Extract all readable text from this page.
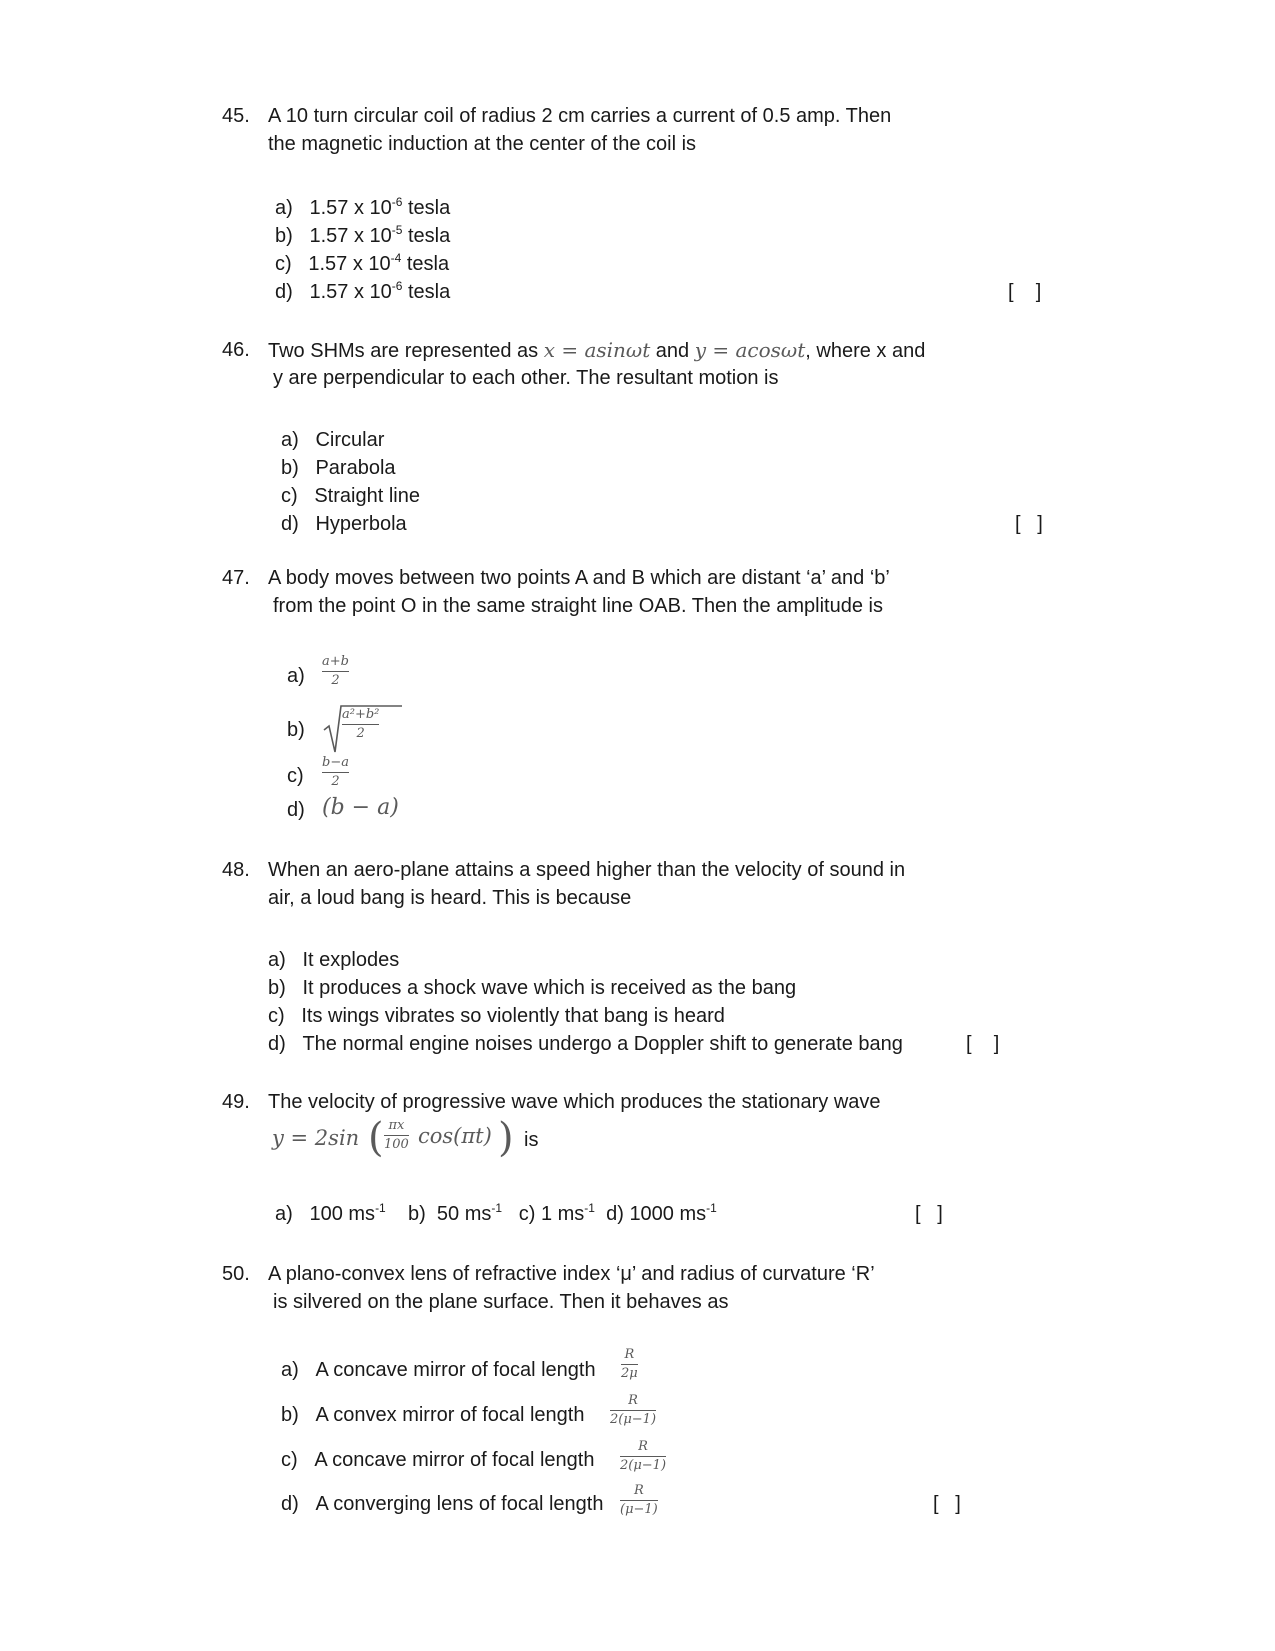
45. A 10 turn circular coil of radius 2 cm carries a current of 0.5 amp. Then
the magnetic induction at the center of the coil is
a) 1.57 x $10^{-6}$ tesla
b) 1.57 x $10^{-5}$ tesla
c) 1.57 x $10^{-4}$ tesla
d) 1.57 x $10^{-6}$ tesla	[    ]
46. Two SHMs are represented as x = asinωt and y = acosωt, where x and
y are perpendicular to each other. The resultant motion is
a) Circular
b) Parabola
c) Straight line
d) Hyperbola	[   ]
47. A body moves between two points A and B which are distant ‘a’ and ‘b’
from the point O in the same straight line OAB. Then the amplitude is
a)
a+b
2
b)
a²+b²
2
c)
b−a
2
d) (b − a)
48. When an aero-plane attains a speed higher than the velocity of sound in
air, a loud bang is heard. This is because
a) It explodes
b) It produces a shock wave which is received as the bang
c) Its wings vibrates so violently that bang is heard
d) The normal engine noises undergo a Doppler shift to generate bang	[    ]
49. The velocity of progressive wave which produces the stationary wave
y = 2sin ( πx
100 cos(πt) ) is
a) 100 $ms^{-1}$ b) 50 $ms^{-1}$ c) 1 $ms^{-1}$ d) 1000 $ms^{-1}$	[   ]
50. A plano-convex lens of refractive index ‘μ’ and radius of curvature ‘R’
is silvered on the plane surface. Then it behaves as
a) A concave mirror of focal length
R
2μ
b) A convex mirror of focal length
R
2(μ−1)
c) A concave mirror of focal length
R
2(μ−1)
d) A converging lens of focal length
R
(μ−1)	[   ]
